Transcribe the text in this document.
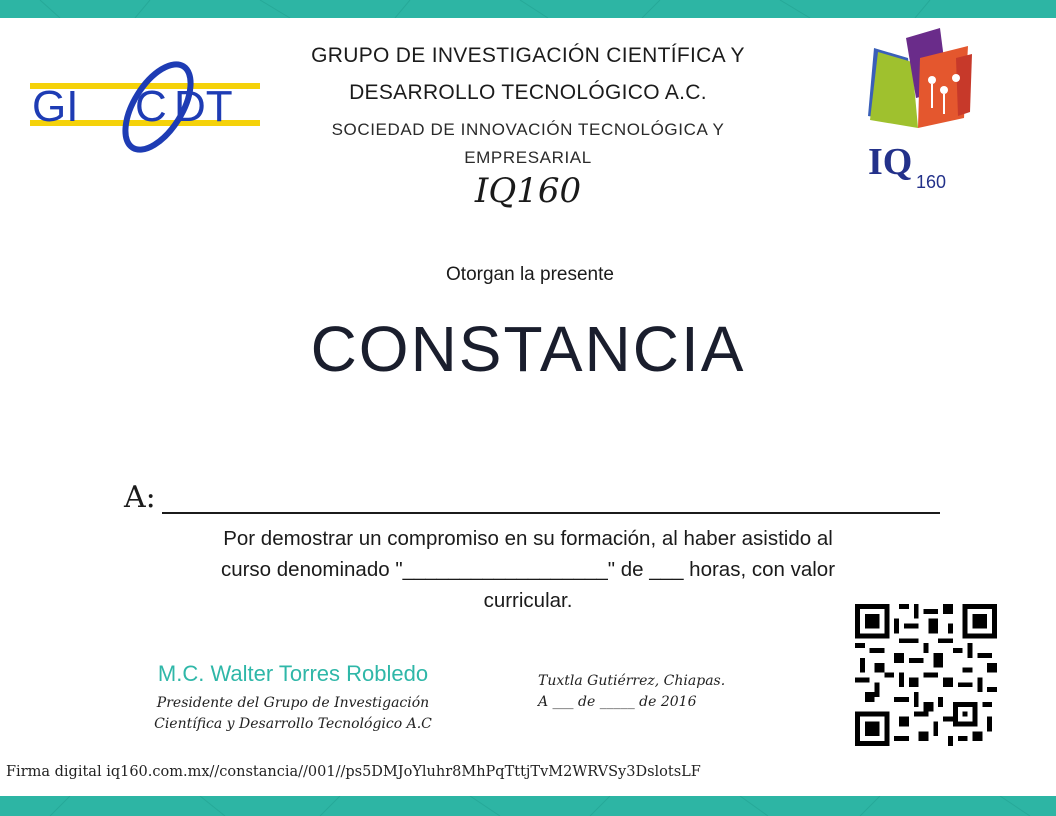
GI C DT
GRUPO DE INVESTIGACIÓN CIENTÍFICA Y
DESARROLLO TECNOLÓGICO A.C.
SOCIEDAD DE INNOVACIÓN TECNOLÓGICA Y
EMPRESARIAL
IQ160
IQ 160
Otorgan la presente
CONSTANCIA
A:
Por demostrar un compromiso en su formación, al haber asistido al
curso denominado "__________________" de ___ horas, con valor
curricular.
M.C. Walter Torres Robledo
Presidente del Grupo de Investigación
Científica y Desarrollo Tecnológico A.C
Tuxtla Gutiérrez, Chiapas.
A ___ de _____ de 2016
Firma digital iq160.com.mx//constancia//001//ps5DMJoYluhr8MhPqTttjTvM2WRVSy3DslotsLF
